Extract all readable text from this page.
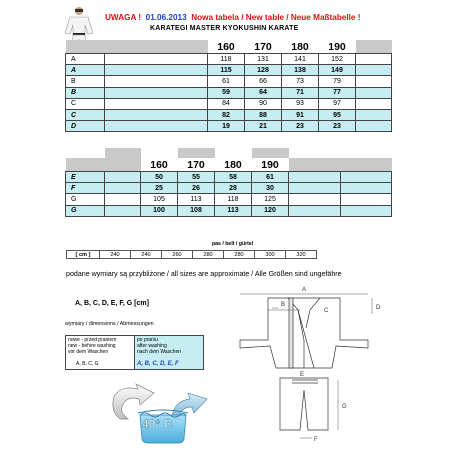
UWAGA ! 01.06.2013 Nowa tabela / New table / Neue Maßtabelle !
KARATEGI MASTER KYOKUSHIN KARATE
		160	170	180	190	
A		118	131	141	152	
A		115	128	138	149	
B		61	66	73	79	
B		59	64	71	77	
C		84	90	93	97	
C		82	88	91	95	
D		19	21	23	23	

		160	170	180	190		
E		50	55	58	61		
F		25	26	28	30		
G		105	113	118	125		
G		100	108	113	120		
pas / belt / gürtel
[ cm ]	240	240	260	280	280	300	320
podane wymiary są przybliżone / all sizes are approximate / Alle Größen sind ungefähre
A, B, C, D, E, F, G [cm]
wymiary / dimensions / Abmessungen
nowe - przed praniem
new - before washing
vor dem Waschen
A, B, C, G

po praniu
after washing
nach dem Waschen
A, B, C, D, E, F
40° C
A
B
C	D
E
G
F
